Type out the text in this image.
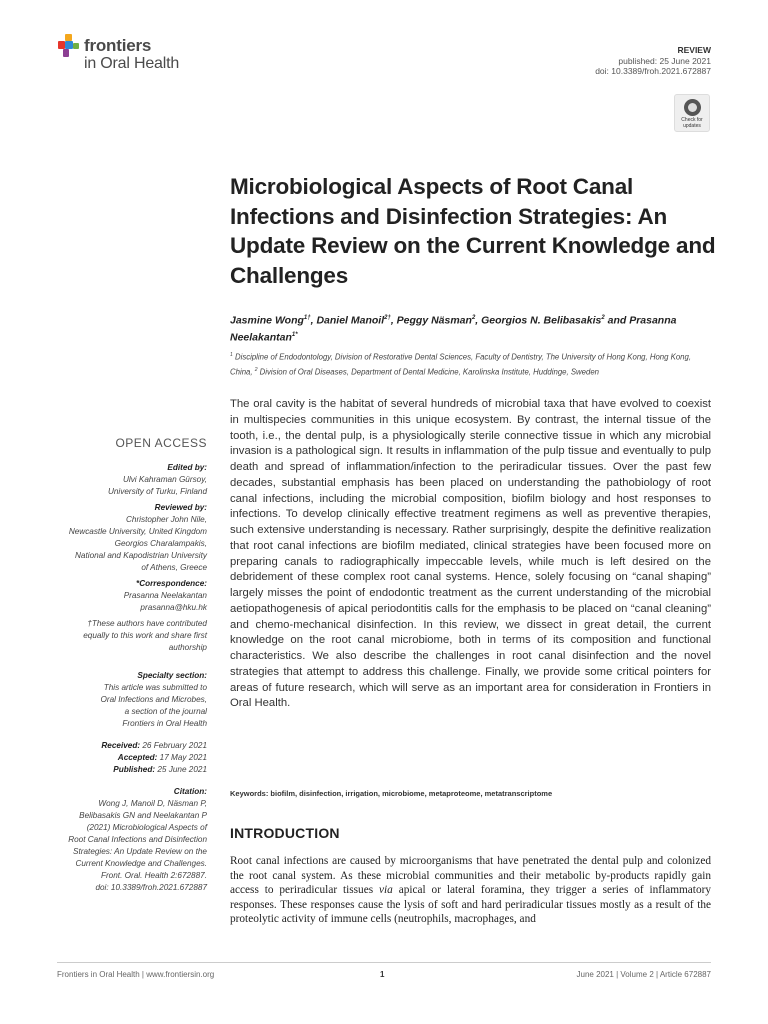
frontiers
in Oral Health
REVIEW
published: 25 June 2021
doi: 10.3389/froh.2021.672887
Check for
updates
Microbiological Aspects of Root Canal Infections and Disinfection Strategies: An Update Review on the Current Knowledge and Challenges
Jasmine Wong$^{1\dagger}$, Daniel Manoil$^{2\dagger}$, Peggy Näsman$^2$, Georgios N. Belibasakis$^2$ and Prasanna Neelakantan$^{1*}$
$^1$ Discipline of Endodontology, Division of Restorative Dental Sciences, Faculty of Dentistry, The University of Hong Kong, Hong Kong, China, $^2$ Division of Oral Diseases, Department of Dental Medicine, Karolinska Institute, Huddinge, Sweden
OPEN ACCESS
Edited by:
Ulvi Kahraman Gürsoy,
University of Turku, Finland
Reviewed by:
Christopher John Nile,
Newcastle University, United Kingdom
Georgios Charalampakis,
National and Kapodistrian University
of Athens, Greece
*Correspondence:
Prasanna Neelakantan
prasanna@hku.hk
†These authors have contributed
equally to this work and share first
authorship
Specialty section:
This article was submitted to
Oral Infections and Microbes,
a section of the journal
Frontiers in Oral Health
Received: 26 February 2021
Accepted: 17 May 2021
Published: 25 June 2021
Citation:
Wong J, Manoil D, Näsman P,
Belibasakis GN and Neelakantan P
(2021) Microbiological Aspects of
Root Canal Infections and Disinfection
Strategies: An Update Review on the
Current Knowledge and Challenges.
Front. Oral. Health 2:672887.
doi: 10.3389/froh.2021.672887

The oral cavity is the habitat of several hundreds of microbial taxa that have evolved to coexist in multispecies communities in this unique ecosystem. By contrast, the internal tissue of the tooth, i.e., the dental pulp, is a physiologically sterile connective tissue in which any microbial invasion is a pathological sign. It results in inflammation of the pulp tissue and eventually to pulp death and spread of inflammation/infection to the periradicular tissues. Over the past few decades, substantial emphasis has been placed on understanding the pathobiology of root canal infections, including the microbial composition, biofilm biology and host responses to infections. To develop clinically effective treatment regimens as well as preventive therapies, such extensive understanding is necessary. Rather surprisingly, despite the definitive realization that root canal infections are biofilm mediated, clinical strategies have been focused more on preparing canals to radiographically impeccable levels, while much is left desired on the debridement of these complex root canal systems. Hence, solely focusing on “canal shaping” largely misses the point of endodontic treatment as the current understanding of the microbial aetiopathogenesis of apical periodontitis calls for the emphasis to be placed on “canal cleaning” and chemo-mechanical disinfection. In this review, we dissect in great detail, the current knowledge on the root canal microbiome, both in terms of its composition and functional characteristics. We also describe the challenges in root canal disinfection and the novel strategies that attempt to address this challenge. Finally, we provide some critical pointers for areas of future research, which will serve as an important area for consideration in Frontiers in Oral Health.

Keywords: biofilm, disinfection, irrigation, microbiome, metaproteome, metatranscriptome
INTRODUCTION

Root canal infections are caused by microorganisms that have penetrated the dental pulp and colonized the root canal system. As these microbial communities and their metabolic by-products rapidly gain access to periradicular tissues via apical or lateral foramina, they trigger a series of inflammatory responses. These responses cause the lysis of soft and hard periradicular tissues mostly as a result of the proteolytic activity of immune cells (neutrophils, macrophages, and

Frontiers in Oral Health | www.frontiersin.org	1	June 2021 | Volume 2 | Article 672887
